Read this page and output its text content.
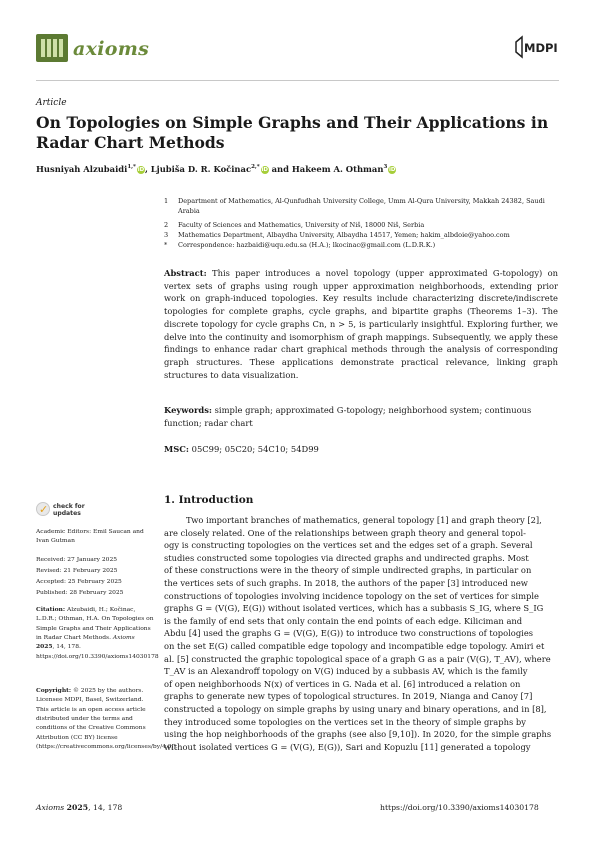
axioms	MDPI
Article
On Topologies on Simple Graphs and Their Applications in Radar Chart Methods
Husniyah Alzubaidi$^{1,*}$ iD, Ljubiša D. R. Kočinac$^{2,*}$ iD and Hakeem A. Othman$^3$ iD
1 Department of Mathematics, Al-Qunfudhah University College, Umm Al-Qura University, Makkah 24382, Saudi Arabia
2 Faculty of Sciences and Mathematics, University of Niš, 18000 Niš, Serbia
3 Mathematics Department, Albaydha University, Albaydha 14517, Yemen; hakim_albdoie@yahoo.com
* Correspondence: hazbaidi@uqu.edu.sa (H.A.); lkocinac@gmail.com (L.D.R.K.)
Abstract: This paper introduces a novel topology (upper approximated G-topology) on vertex sets of graphs using rough upper approximation neighborhoods, extending prior work on graph-induced topologies. Key results include characterizing discrete/indiscrete topologies for complete graphs, cycle graphs, and bipartite graphs (Theorems 1–3). The discrete topology for cycle graphs Cn, n > 5, is particularly insightful. Exploring further, we delve into the continuity and isomorphism of graph mappings. Subsequently, we apply these findings to enhance radar chart graphical methods through the analysis of corresponding graph structures. These applications demonstrate practical relevance, linking graph structures to data visualization.
Keywords: simple graph; approximated G-topology; neighborhood system; continuous function; radar chart
MSC: 05C99; 05C20; 54C10; 54D99
✓ check for
updates
Academic Editors: Emil Saucan and Ivan Gutman
Received: 27 January 2025
Revised: 21 February 2025
Accepted: 25 February 2025
Published: 28 February 2025
Citation: Alzubaidi, H.; Kočinac, L.D.R.; Othman, H.A. On Topologies on Simple Graphs and Their Applications in Radar Chart Methods. Axioms 2025, 14, 178. https://doi.org/10.3390/axioms14030178
Copyright: © 2025 by the authors. Licensee MDPI, Basel, Switzerland. This article is an open access article distributed under the terms and conditions of the Creative Commons Attribution (CC BY) license (https://creativecommons.org/licenses/by/4.0/).
1. Introduction
Two important branches of mathematics, general topology [1] and graph theory [2],
are closely related. One of the relationships between graph theory and general topol-
ogy is constructing topologies on the vertices set and the edges set of a graph. Several
studies constructed some topologies via directed graphs and undirected graphs. Most
of these constructions were in the theory of simple undirected graphs, in particular on
the vertices sets of such graphs. In 2018, the authors of the paper [3] introduced new
constructions of topologies involving incidence topology on the set of vertices for simple
graphs G = (V(G), E(G)) without isolated vertices, which has a subbasis S_IG, where S_IG
is the family of end sets that only contain the end points of each edge. Kiliciman and
Abdu [4] used the graphs G = (V(G), E(G)) to introduce two constructions of topologies
on the set E(G) called compatible edge topology and incompatible edge topology. Amiri et
al. [5] constructed the graphic topological space of a graph G as a pair (V(G), T_AV), where
T_AV is an Alexandroff topology on V(G) induced by a subbasis AV, which is the family
of open neighborhoods N(x) of vertices in G. Nada et al. [6] introduced a relation on
graphs to generate new types of topological structures. In 2019, Nianga and Canoy [7]
constructed a topology on simple graphs by using unary and binary operations, and in [8],
they introduced some topologies on the vertices set in the theory of simple graphs by
using the hop neighborhoods of the graphs (see also [9,10]). In 2020, for the simple graphs
without isolated vertices G = (V(G), E(G)), Sari and Kopuzlu [11] generated a topology
Axioms 2025, 14, 178	https://doi.org/10.3390/axioms14030178
